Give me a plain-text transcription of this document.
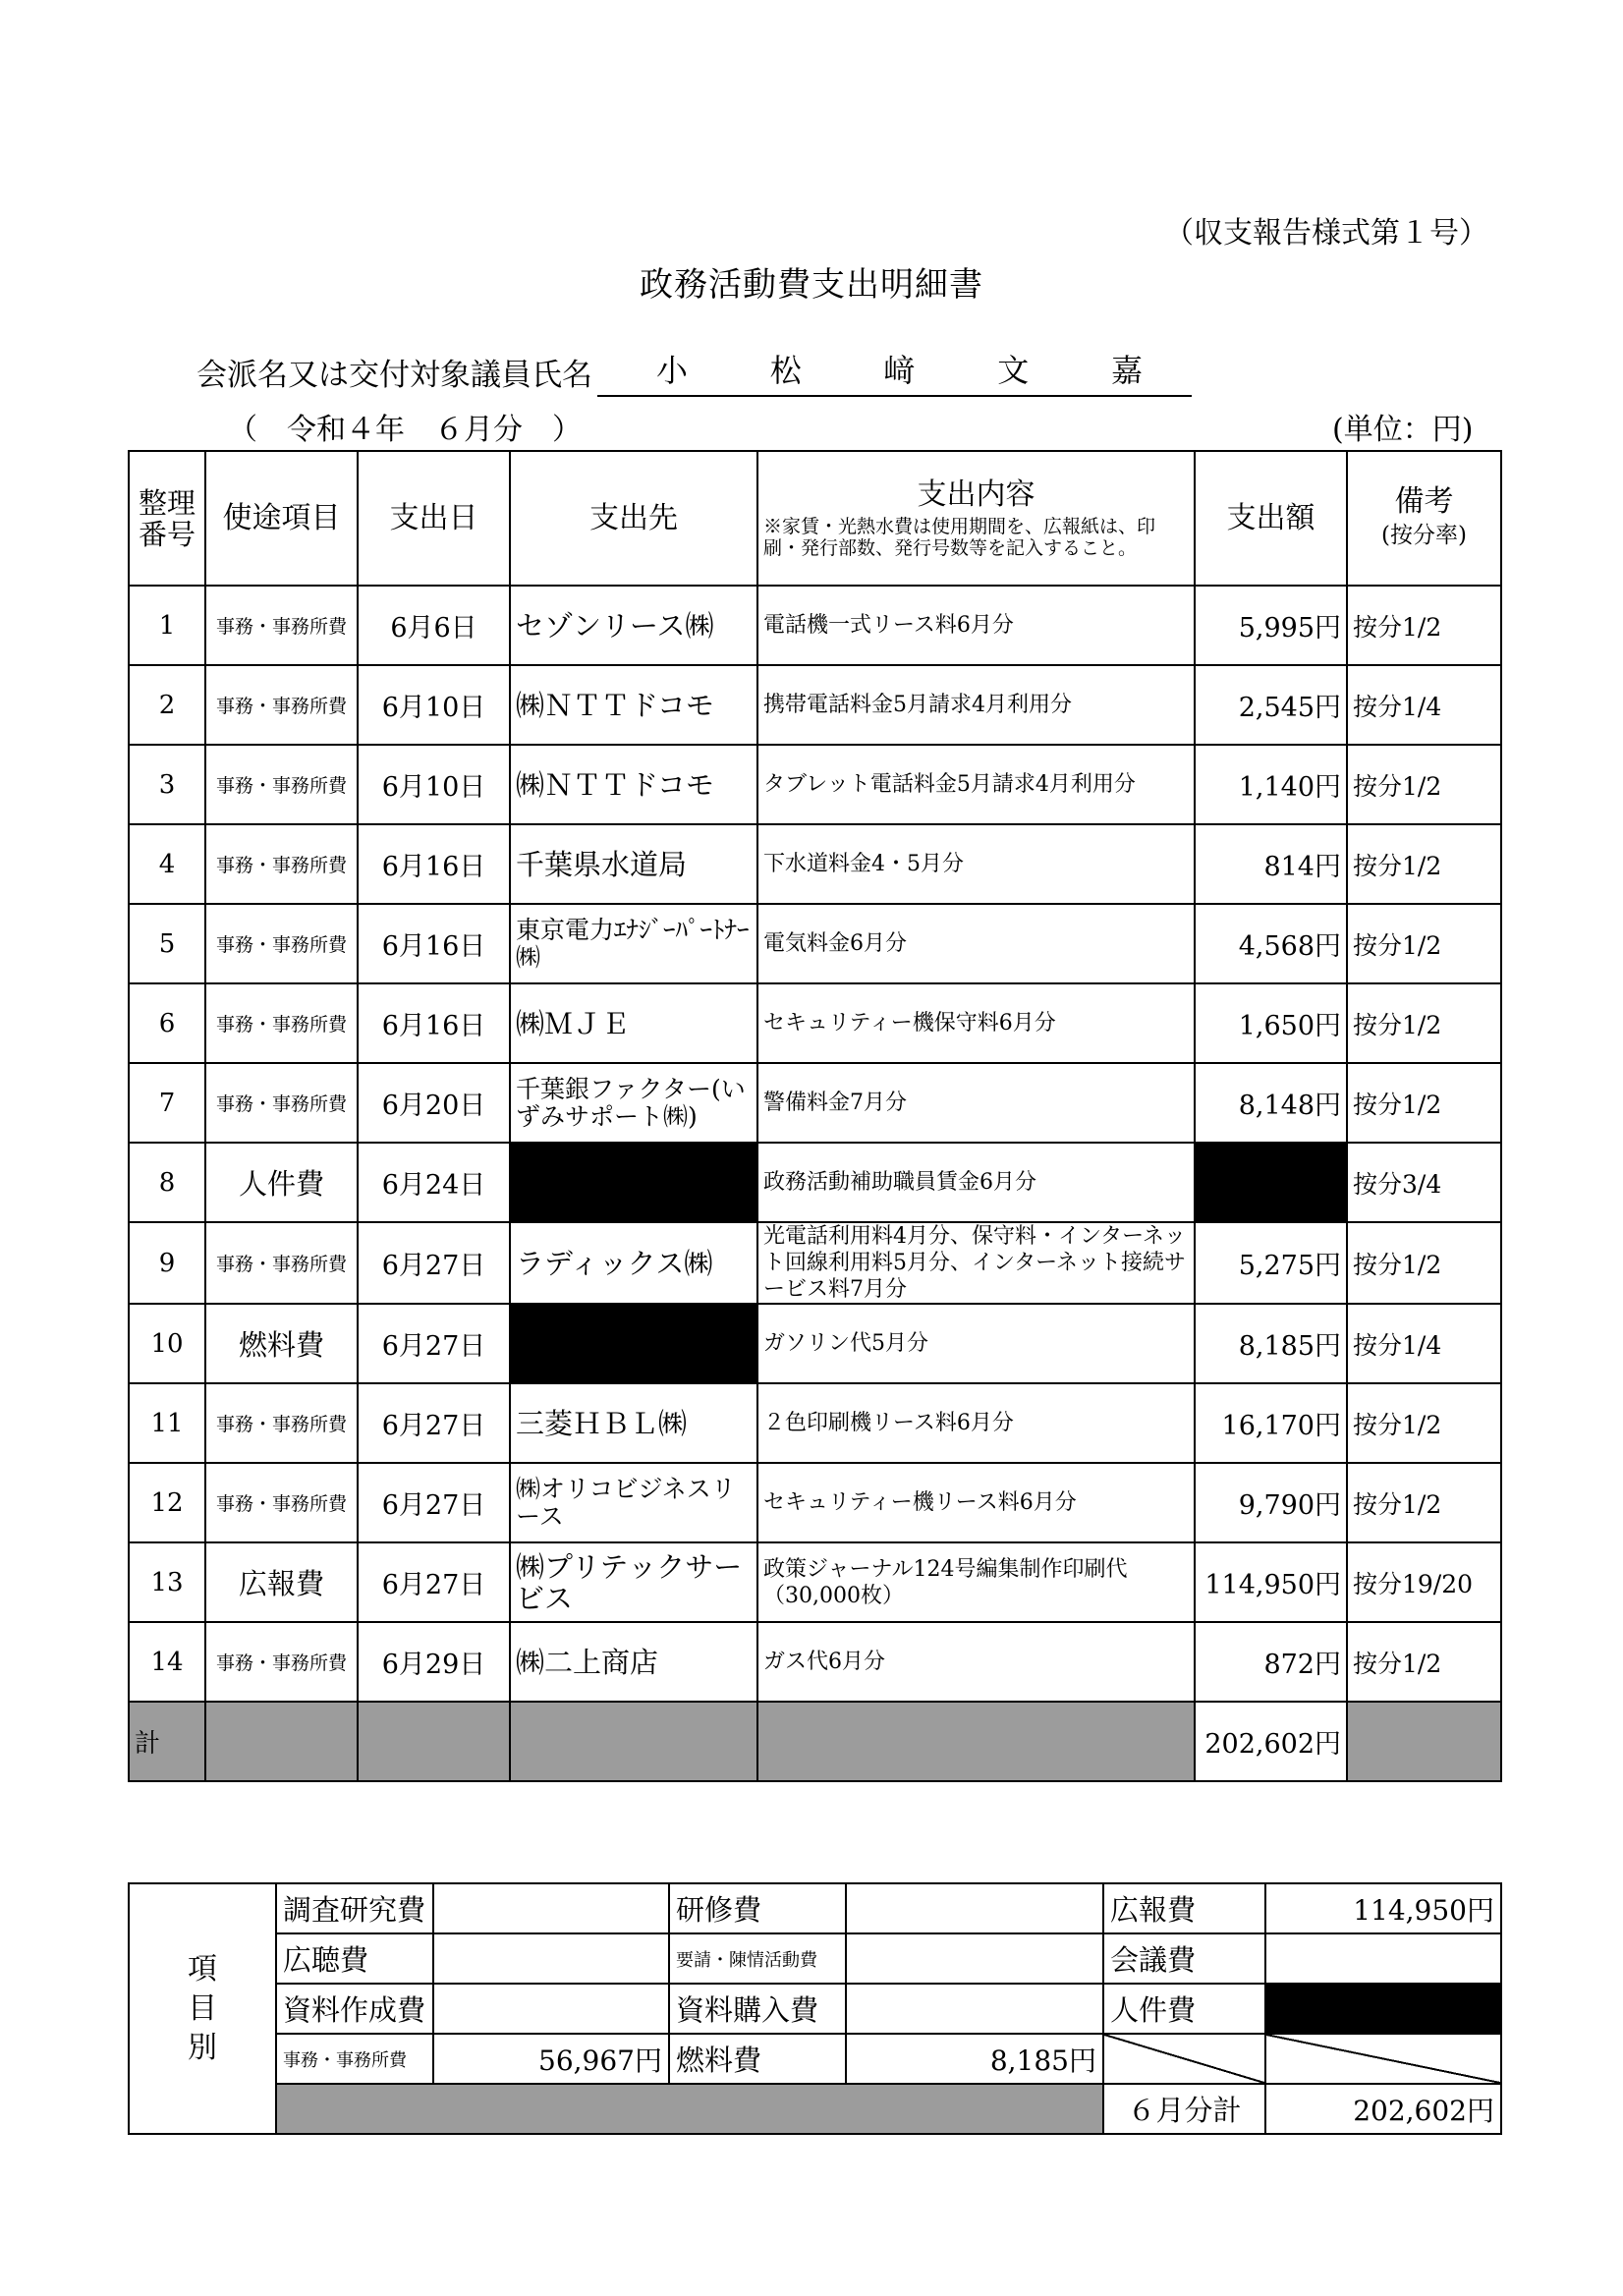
（収支報告様式第１号）
政務活動費支出明細書
会派名又は交付対象議員氏名 小	松	﨑	文	嘉
（　令和４年　６月分　）	(単位：円)
整理番号	使途項目	支出日	支出先	支出内容
※家賃・光熱水費は使用期間を、広報紙は、印刷・発行部数、発行号数等を記入すること。	支出額	備考
(按分率)

1	事務・事務所費	6月6日	セゾンリース㈱	電話機一式リース料6月分	5,995円	按分1/2
2	事務・事務所費	6月10日	㈱ＮＴＴドコモ	携帯電話料金5月請求4月利用分	2,545円	按分1/4
3	事務・事務所費	6月10日	㈱ＮＴＴドコモ	タブレット電話料金5月請求4月利用分	1,140円	按分1/2
4	事務・事務所費	6月16日	千葉県水道局	下水道料金4・5月分	814円	按分1/2
5	事務・事務所費	6月16日	東京電力ｴﾅｼﾞｰﾊﾟｰﾄﾅｰ㈱	電気料金6月分	4,568円	按分1/2
6	事務・事務所費	6月16日	㈱ＭＪＥ	セキュリティー機保守料6月分	1,650円	按分1/2
7	事務・事務所費	6月20日	千葉銀ファクター(いずみサポート㈱)	警備料金7月分	8,148円	按分1/2
8	人件費	6月24日		政務活動補助職員賃金6月分		按分3/4
9	事務・事務所費	6月27日	ラディックス㈱	光電話利用料4月分、保守料・インターネット回線利用料5月分、インターネット接続サービス料7月分	5,275円	按分1/2
10	燃料費	6月27日		ガソリン代5月分	8,185円	按分1/4
11	事務・事務所費	6月27日	三菱ＨＢＬ㈱	２色印刷機リース料6月分	16,170円	按分1/2
12	事務・事務所費	6月27日	㈱オリコビジネスリース	セキュリティー機リース料6月分	9,790円	按分1/2
13	広報費	6月27日	㈱プリテックサービス	政策ジャーナル124号編集制作印刷代（30,000枚）	114,950円	按分19/20
14	事務・事務所費	6月29日	㈱二上商店	ガス代6月分	872円	按分1/2
計					202,602円	
項
目
別	調査研究費		研修費		広報費	114,950円
	広聴費		要請・陳情活動費		会議費	
	資料作成費		資料購入費		人件費	
	事務・事務所費	56,967円	燃料費	8,185円		
					６月分計	202,602円
